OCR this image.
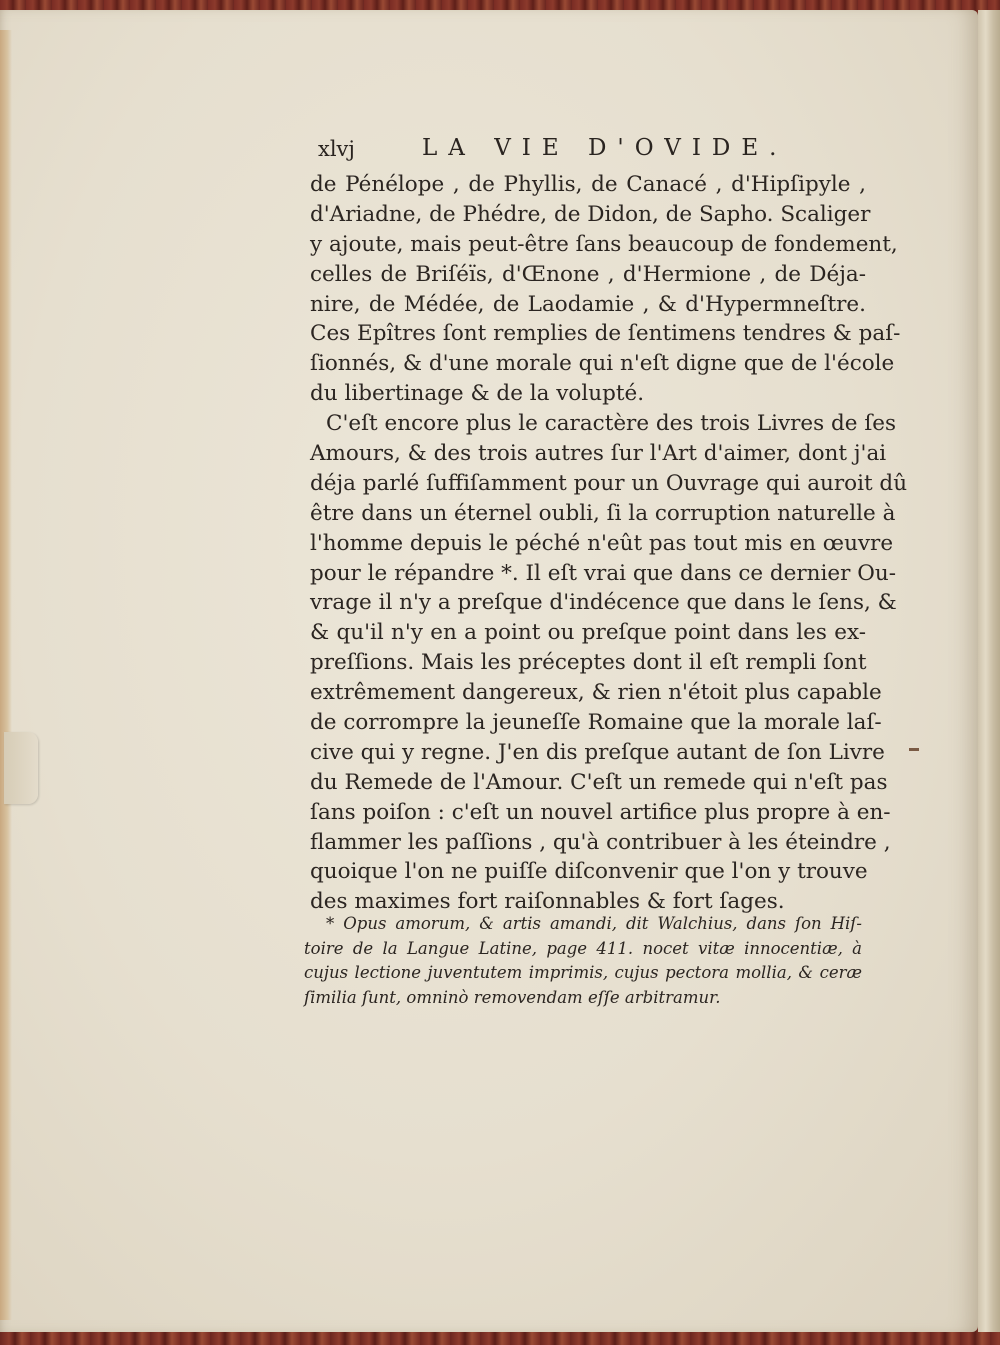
xlvj	LA VIE D'OVIDE.
de Pénélope , de Phyllis, de Canacé , d'Hipſipyle ,
d'Ariadne, de Phédre, de Didon, de Sapho. Scaliger
y ajoute, mais peut-être ſans beaucoup de fondement,
celles de Briſéïs, d'Œnone , d'Hermione , de Déja-
nire, de Médée, de Laodamie , & d'Hypermneſtre.
Ces Epîtres ſont remplies de ſentimens tendres & paſ-
ſionnés, & d'une morale qui n'eſt digne que de l'école
du libertinage & de la volupté.
C'eſt encore plus le caractère des trois Livres de ſes
Amours, & des trois autres ſur l'Art d'aimer, dont j'ai
déja parlé ſuffiſamment pour un Ouvrage qui auroit dû
être dans un éternel oubli, ſi la corruption naturelle à
l'homme depuis le péché n'eût pas tout mis en œuvre
pour le répandre *. Il eſt vrai que dans ce dernier Ou-
vrage il n'y a preſque d'indécence que dans le ſens, &
& qu'il n'y en a point ou preſque point dans les ex-
preſſions. Mais les préceptes dont il eſt rempli ſont
extrêmement dangereux, & rien n'étoit plus capable
de corrompre la jeuneſſe Romaine que la morale laſ-
cive qui y regne. J'en dis preſque autant de ſon Livre
du Remede de l'Amour. C'eſt un remede qui n'eſt pas
ſans poiſon : c'eſt un nouvel artifice plus propre à en-
flammer les paſſions , qu'à contribuer à les éteindre ,
quoique l'on ne puiſſe diſconvenir que l'on y trouve
des maximes fort raiſonnables & fort ſages.
* Opus amorum, & artis amandi, dit Walchius, dans ſon Hiſ-
toire de la Langue Latine, page 411. nocet vitæ innocentiæ, à
cujus lectione juventutem imprimis, cujus pectora mollia, & ceræ
ſimilia ſunt, omninò removendam eſſe arbitramur.
